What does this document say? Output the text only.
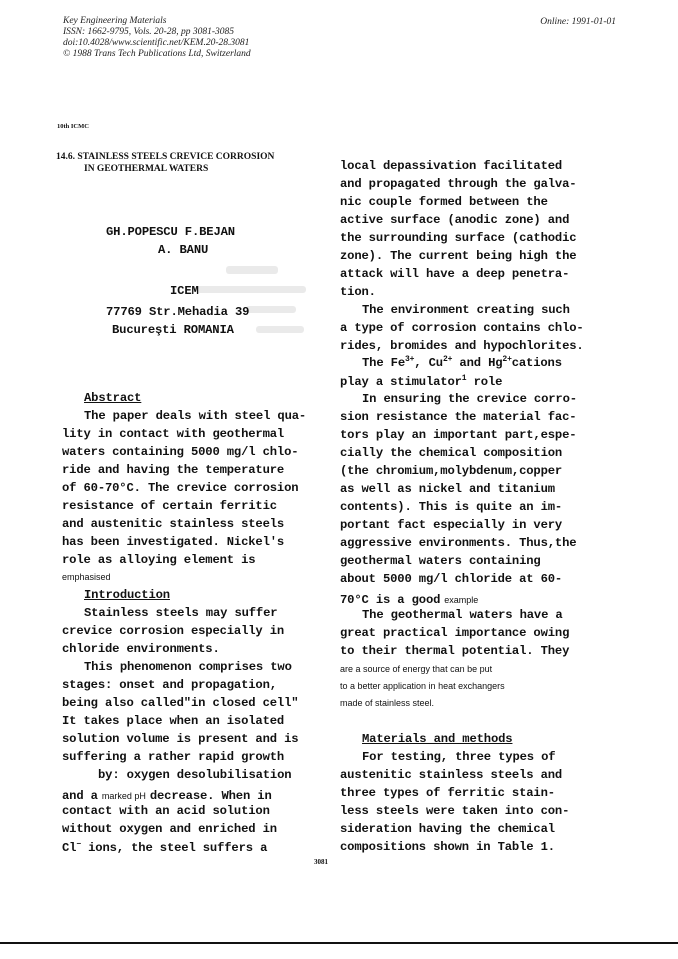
Key Engineering Materials
ISSN: 1662-9795, Vols. 20-28, pp 3081-3085
doi:10.4028/www.scientific.net/KEM.20-28.3081
© 1988 Trans Tech Publications Ltd, Switzerland
Online: 1991-01-01
10th ICMC
14.6. STAINLESS STEELS CREVICE CORROSION
IN GEOTHERMAL WATERS
GH.POPESCU F.BEJAN
A. BANU
ICEM
77769 Str.Mehadia 39
Bucureşti ROMANIA
Abstract
The paper deals with steel qua-
lity in contact with geothermal
waters containing 5000 mg/l chlo-
ride and having the temperature
of 60-70°C. The crevice corrosion
resistance of certain ferritic
and austenitic stainless steels
has been investigated. Nickel's
role as alloying element is
emphasised
Introduction
Stainless steels may suffer
crevice corrosion especially in
chloride environments.
This phenomenon comprises two
stages: onset and propagation,
being also called"in closed cell"
It takes place when an isolated
solution volume is present and is
suffering a rather rapid growth
by: oxygen desolubilisation
and a marked pH decrease. When in
contact with an acid solution
without oxygen and enriched in
Cl− ions, the steel suffers a
local depassivation facilitated
and propagated through the galva-
nic couple formed between the
active surface (anodic zone) and
the surrounding surface (cathodic
zone). The current being high the
attack will have a deep penetra-
tion.
The environment creating such
a type of corrosion contains chlo-
rides, bromides and hypochlorites.
The $Fe^{3+}$, $Cu^{2+}$ and $Hg^{2+}cations$
play a stimulator$^1$ role
In ensuring the crevice corro-
sion resistance the material fac-
tors play an important part,espe-
cially the chemical composition
(the chromium,molybdenum,copper
as well as nickel and titanium
contents). This is quite an im-
portant fact especially in very
aggressive environments. Thus,the
geothermal waters containing
about 5000 mg/l chloride at 60-
70°C is a good example
The geothermal waters have a
great practical importance owing
to their thermal potential. They
are a source of energy that can be put
to a better application in heat exchangers
made of stainless steel.
Materials and methods
For testing, three types of
austenitic stainless steels and
three types of ferritic stain-
less steels were taken into con-
sideration having the chemical
compositions shown in Table 1.
3081
